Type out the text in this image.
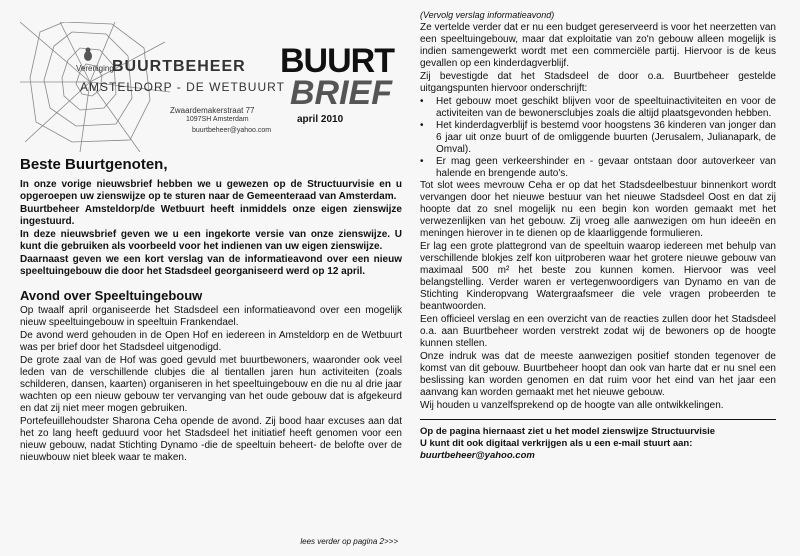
Vereniging
BUURTBEHEER
AMSTELDORP - DE WETBUURT
Zwaardemakerstraat 77
1097SH Amsterdam
buurtbeheer@yahoo.com
BUURT
BRIEF
april 2010

Beste Buurtgenoten,

In onze vorige nieuwsbrief hebben we u gewezen op de Structuurvisie en u opgeroepen uw zienswijze op te sturen naar de Gemeenteraad van Amsterdam.

Buurtbeheer Amsteldorp/de Wetbuurt heeft inmiddels onze eigen zienswijze ingestuurd.

In deze nieuwsbrief geven we u een ingekorte versie van onze zienswijze. U kunt die gebruiken als voorbeeld voor het indienen van uw eigen zienswijze.

Daarnaast geven we een kort verslag van de informatieavond over een nieuw speeltuingebouw die door het Stadsdeel georganiseerd werd op 12 april.

Avond over Speeltuingebouw

Op twaalf april organiseerde het Stadsdeel een informatieavond over een mogelijk nieuw speeltuingebouw in speeltuin Frankendael.

De avond werd gehouden in de Open Hof en iedereen in Amsteldorp en de Wetbuurt was per brief door het Stadsdeel uitgenodigd.

De grote zaal van de Hof was goed gevuld met buurtbewoners, waaronder ook veel leden van de verschillende clubjes die al tientallen jaren hun activiteiten (zoals schilderen, dansen, kaarten) organiseren in het speeltuingebouw en die nu al drie jaar wachten op een nieuw gebouw ter vervanging van het oude gebouw dat is afgekeurd en dat zij niet meer mogen gebruiken.

Portefeuillehoudster Sharona Ceha opende de avond. Zij bood haar excuses aan dat het zo lang heeft geduurd voor het Stadsdeel het initiatief heeft genomen voor een nieuw gebouw, nadat Stichting Dynamo -die de speeltuin beheert- de belofte over de nieuwbouw niet bleek waar te maken.

lees verder op pagina 2>>>

(Vervolg verslag informatieavond)

Ze vertelde verder dat er nu een budget gereserveerd is voor het neerzetten van een speeltuingebouw, maar dat exploitatie van zo'n gebouw alleen mogelijk is indien samengewerkt wordt met een commerciële partij. Hiervoor is de keus gevallen op een kinderdagverblijf.

Zij bevestigde dat het Stadsdeel de door o.a. Buurtbeheer gestelde uitgangspunten hiervoor onderschrijft:

•	Het gebouw moet geschikt blijven voor de speeltuinactiviteiten en voor de activiteiten van de bewonersclubjes zoals die altijd plaatsgevonden hebben.
•	Het kinderdagverblijf is bestemd voor hoogstens 36 kinderen van jonger dan 6 jaar uit onze buurt of de omliggende buurten (Jerusalem, Julianapark, de Omval).
•	Er mag geen verkeershinder en - gevaar ontstaan door autoverkeer van halende en brengende auto's.

Tot slot wees mevrouw Ceha er op dat het Stadsdeelbestuur binnenkort wordt vervangen door het nieuwe bestuur van het nieuwe Stadsdeel Oost en dat zij hoopte dat zo snel mogelijk nu een begin kon worden gemaakt met het verwezenlijken van het gebouw. Zij vroeg alle aanwezigen om hun ideeën en meningen hierover in te dienen op de klaarliggende formulieren.

Er lag een grote plattegrond van de speeltuin waarop iedereen met behulp van verschillende blokjes zelf kon uitproberen waar het grotere nieuwe gebouw van maximaal 500 m² het beste zou kunnen komen. Hiervoor was veel belangstelling. Verder waren er vertegenwoordigers van Dynamo en van de Stichting Kinderopvang Watergraafsmeer die vele vragen probeerden te beantwoorden.

Een officieel verslag en een overzicht van de reacties zullen door het Stadsdeel o.a. aan Buurtbeheer worden verstrekt zodat wij de bewoners op de hoogte kunnen stellen.

Onze indruk was dat de meeste aanwezigen positief stonden tegenover de komst van dit gebouw. Buurtbeheer hoopt dan ook van harte dat er nu snel een beslissing kan worden genomen en dat ruim voor het eind van het jaar een aanvang kan worden gemaakt met het nieuwe gebouw.

Wij houden u vanzelfsprekend op de hoogte van alle ontwikkelingen.

Op de pagina hiernaast ziet u het model zienswijze Structuurvisie

U kunt dit ook digitaal verkrijgen als u een e-mail stuurt aan:

buurtbeheer@yahoo.com
